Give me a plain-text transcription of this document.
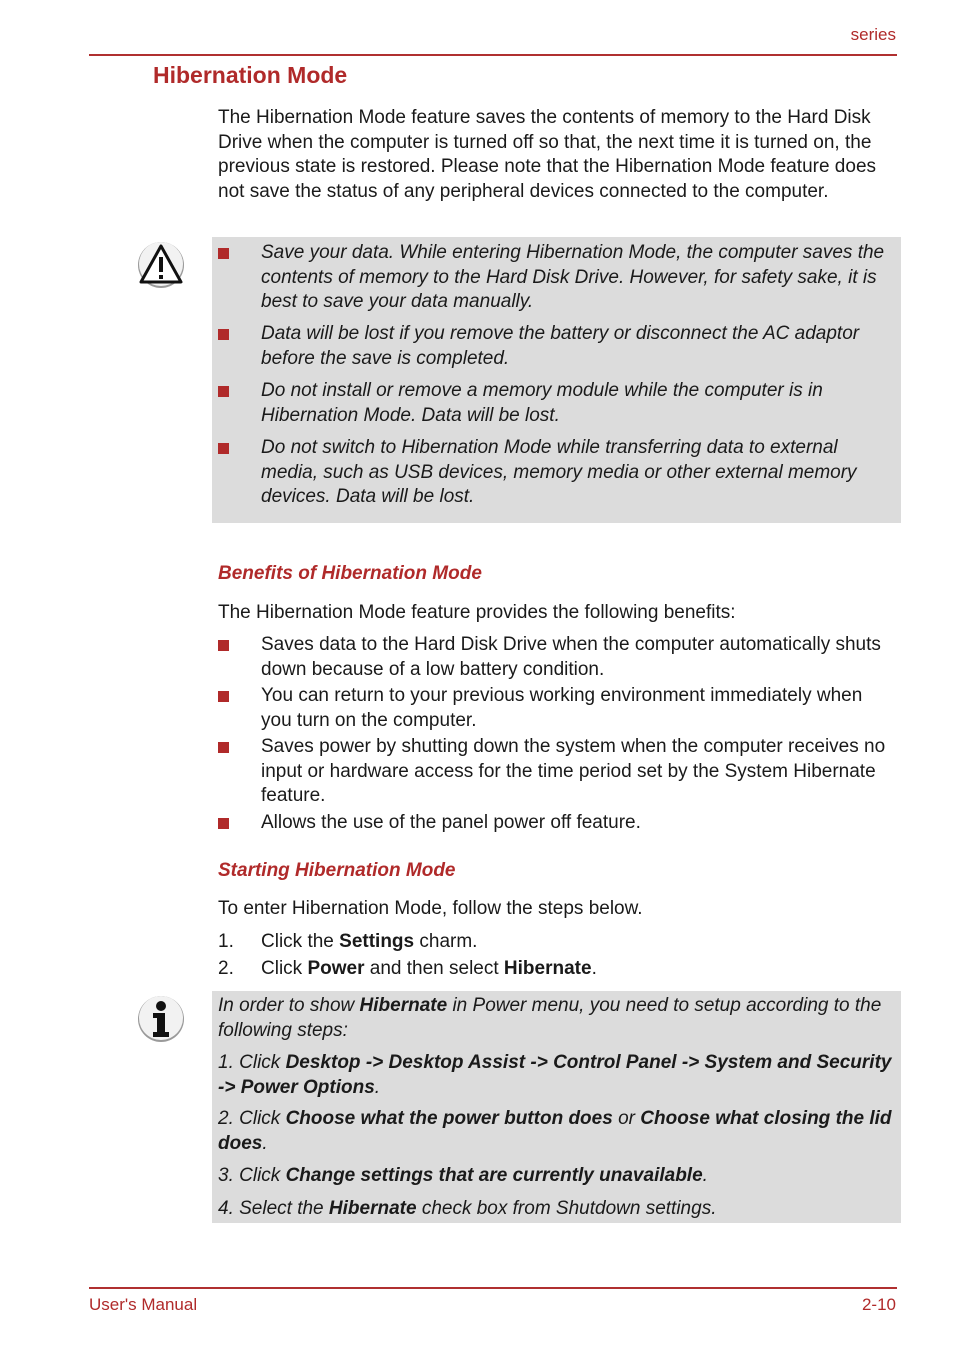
series
Hibernation Mode
The Hibernation Mode feature saves the contents of memory to the Hard Disk Drive when the computer is turned off so that, the next time it is turned on, the previous state is restored. Please note that the Hibernation Mode feature does not save the status of any peripheral devices connected to the computer.
Save your data. While entering Hibernation Mode, the computer saves the contents of memory to the Hard Disk Drive. However, for safety sake, it is best to save your data manually.
Data will be lost if you remove the battery or disconnect the AC adaptor before the save is completed.
Do not install or remove a memory module while the computer is in Hibernation Mode. Data will be lost.
Do not switch to Hibernation Mode while transferring data to external media, such as USB devices, memory media or other external memory devices. Data will be lost.
Benefits of Hibernation Mode
The Hibernation Mode feature provides the following benefits:
Saves data to the Hard Disk Drive when the computer automatically shuts down because of a low battery condition.
You can return to your previous working environment immediately when you turn on the computer.
Saves power by shutting down the system when the computer receives no input or hardware access for the time period set by the System Hibernate feature.
Allows the use of the panel power off feature.
Starting Hibernation Mode
To enter Hibernation Mode, follow the steps below.
1. Click the Settings charm.
2. Click Power and then select Hibernate.
In order to show Hibernate in Power menu, you need to setup according to the following steps:
1. Click Desktop -> Desktop Assist -> Control Panel -> System and Security -> Power Options.
2. Click Choose what the power button does or Choose what closing the lid does.
3. Click Change settings that are currently unavailable.
4. Select the Hibernate check box from Shutdown settings.
User's Manual	2-10
